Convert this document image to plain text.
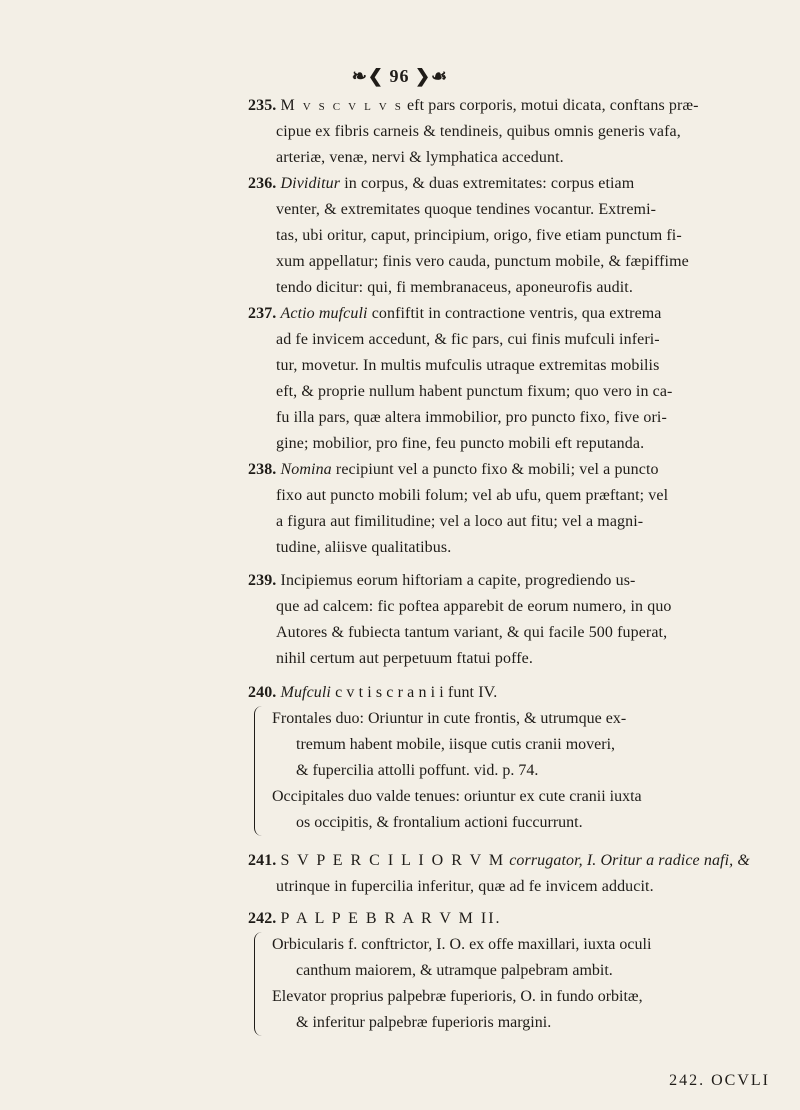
❧❮ 96 ❯☙
235. M v s c v l v s eft pars corporis, motui dicata, conftans præ-
cipue ex fibris carneis & tendineis, quibus omnis generis vafa,
arteriæ, venæ, nervi & lymphatica accedunt.
236. Dividitur in corpus, & duas extremitates: corpus etiam
venter, & extremitates quoque tendines vocantur. Extremi-
tas, ubi oritur, caput, principium, origo, five etiam punctum fi-
xum appellatur; finis vero cauda, punctum mobile, & fæpiffime
tendo dicitur: qui, fi membranaceus, aponeurofis audit.
237. Actio mufculi confiftit in contractione ventris, qua extrema
ad fe invicem accedunt, & fic pars, cui finis mufculi inferi-
tur, movetur. In multis mufculis utraque extremitas mobilis
eft, & proprie nullum habent punctum fixum; quo vero in ca-
fu illa pars, quæ altera immobilior, pro puncto fixo, five ori-
gine; mobilior, pro fine, feu puncto mobili eft reputanda.
238. Nomina recipiunt vel a puncto fixo & mobili; vel a puncto
fixo aut puncto mobili folum; vel ab ufu, quem præftant; vel
a figura aut fimilitudine; vel a loco aut fitu; vel a magni-
tudine, aliisve qualitatibus.
239. Incipiemus eorum hiftoriam a capite, progrediendo us-
que ad calcem: fic poftea apparebit de eorum numero, in quo
Autores & fubiecta tantum variant, & qui facile 500 fuperat,
nihil certum aut perpetuum ftatui poffe.
240. Mufculi c v t i s c r a n i i funt IV.
Frontales duo: Oriuntur in cute frontis, & utrumque ex-
tremum habent mobile, iisque cutis cranii moveri,
& fupercilia attolli poffunt. vid. p. 74.
Occipitales duo valde tenues: oriuntur ex cute cranii iuxta
os occipitis, & frontalium actioni fuccurrunt.
241. S V P E R C I L I O R V M corrugator, I. Oritur a radice nafi, &
utrinque in fupercilia inferitur, quæ ad fe invicem adducit.
242. P A L P E B R A R V M II.
Orbicularis f. conftrictor, I. O. ex offe maxillari, iuxta oculi
canthum maiorem, & utramque palpebram ambit.
Elevator proprius palpebræ fuperioris, O. in fundo orbitæ,
& inferitur palpebræ fuperioris margini.
242. OCVLI
